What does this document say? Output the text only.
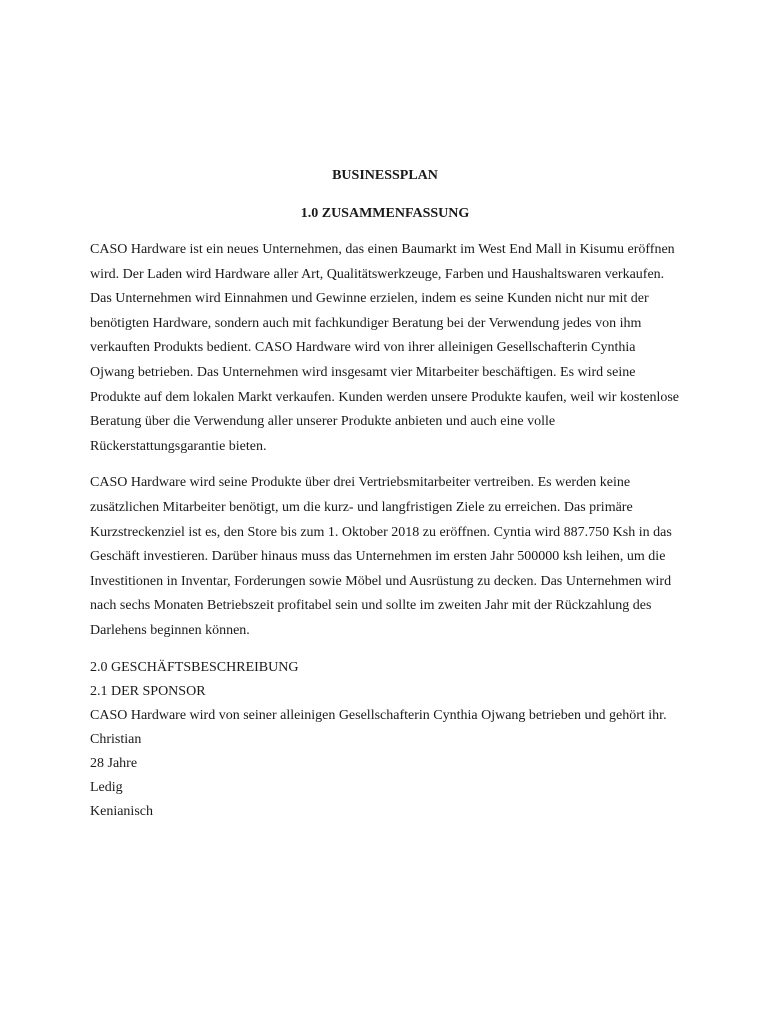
BUSINESSPLAN
1.0 ZUSAMMENFASSUNG

CASO Hardware ist ein neues Unternehmen, das einen Baumarkt im West End Mall in Kisumu eröffnen wird. Der Laden wird Hardware aller Art, Qualitätswerkzeuge, Farben und Haushaltswaren verkaufen. Das Unternehmen wird Einnahmen und Gewinne erzielen, indem es seine Kunden nicht nur mit der benötigten Hardware, sondern auch mit fachkundiger Beratung bei der Verwendung jedes von ihm verkauften Produkts bedient. CASO Hardware wird von ihrer alleinigen Gesellschafterin Cynthia Ojwang betrieben. Das Unternehmen wird insgesamt vier Mitarbeiter beschäftigen. Es wird seine Produkte auf dem lokalen Markt verkaufen. Kunden werden unsere Produkte kaufen, weil wir kostenlose Beratung über die Verwendung aller unserer Produkte anbieten und auch eine volle Rückerstattungsgarantie bieten.

CASO Hardware wird seine Produkte über drei Vertriebsmitarbeiter vertreiben. Es werden keine zusätzlichen Mitarbeiter benötigt, um die kurz- und langfristigen Ziele zu erreichen. Das primäre Kurzstreckenziel ist es, den Store bis zum 1. Oktober 2018 zu eröffnen. Cyntia wird 887.750 Ksh in das Geschäft investieren. Darüber hinaus muss das Unternehmen im ersten Jahr 500000 ksh leihen, um die Investitionen in Inventar, Forderungen sowie Möbel und Ausrüstung zu decken. Das Unternehmen wird nach sechs Monaten Betriebszeit profitabel sein und sollte im zweiten Jahr mit der Rückzahlung des Darlehens beginnen können.

2.0 GESCHÄFTSBESCHREIBUNG

2.1 DER SPONSOR

CASO Hardware wird von seiner alleinigen Gesellschafterin Cynthia Ojwang betrieben und gehört ihr.

Christian

28 Jahre

Ledig

Kenianisch
